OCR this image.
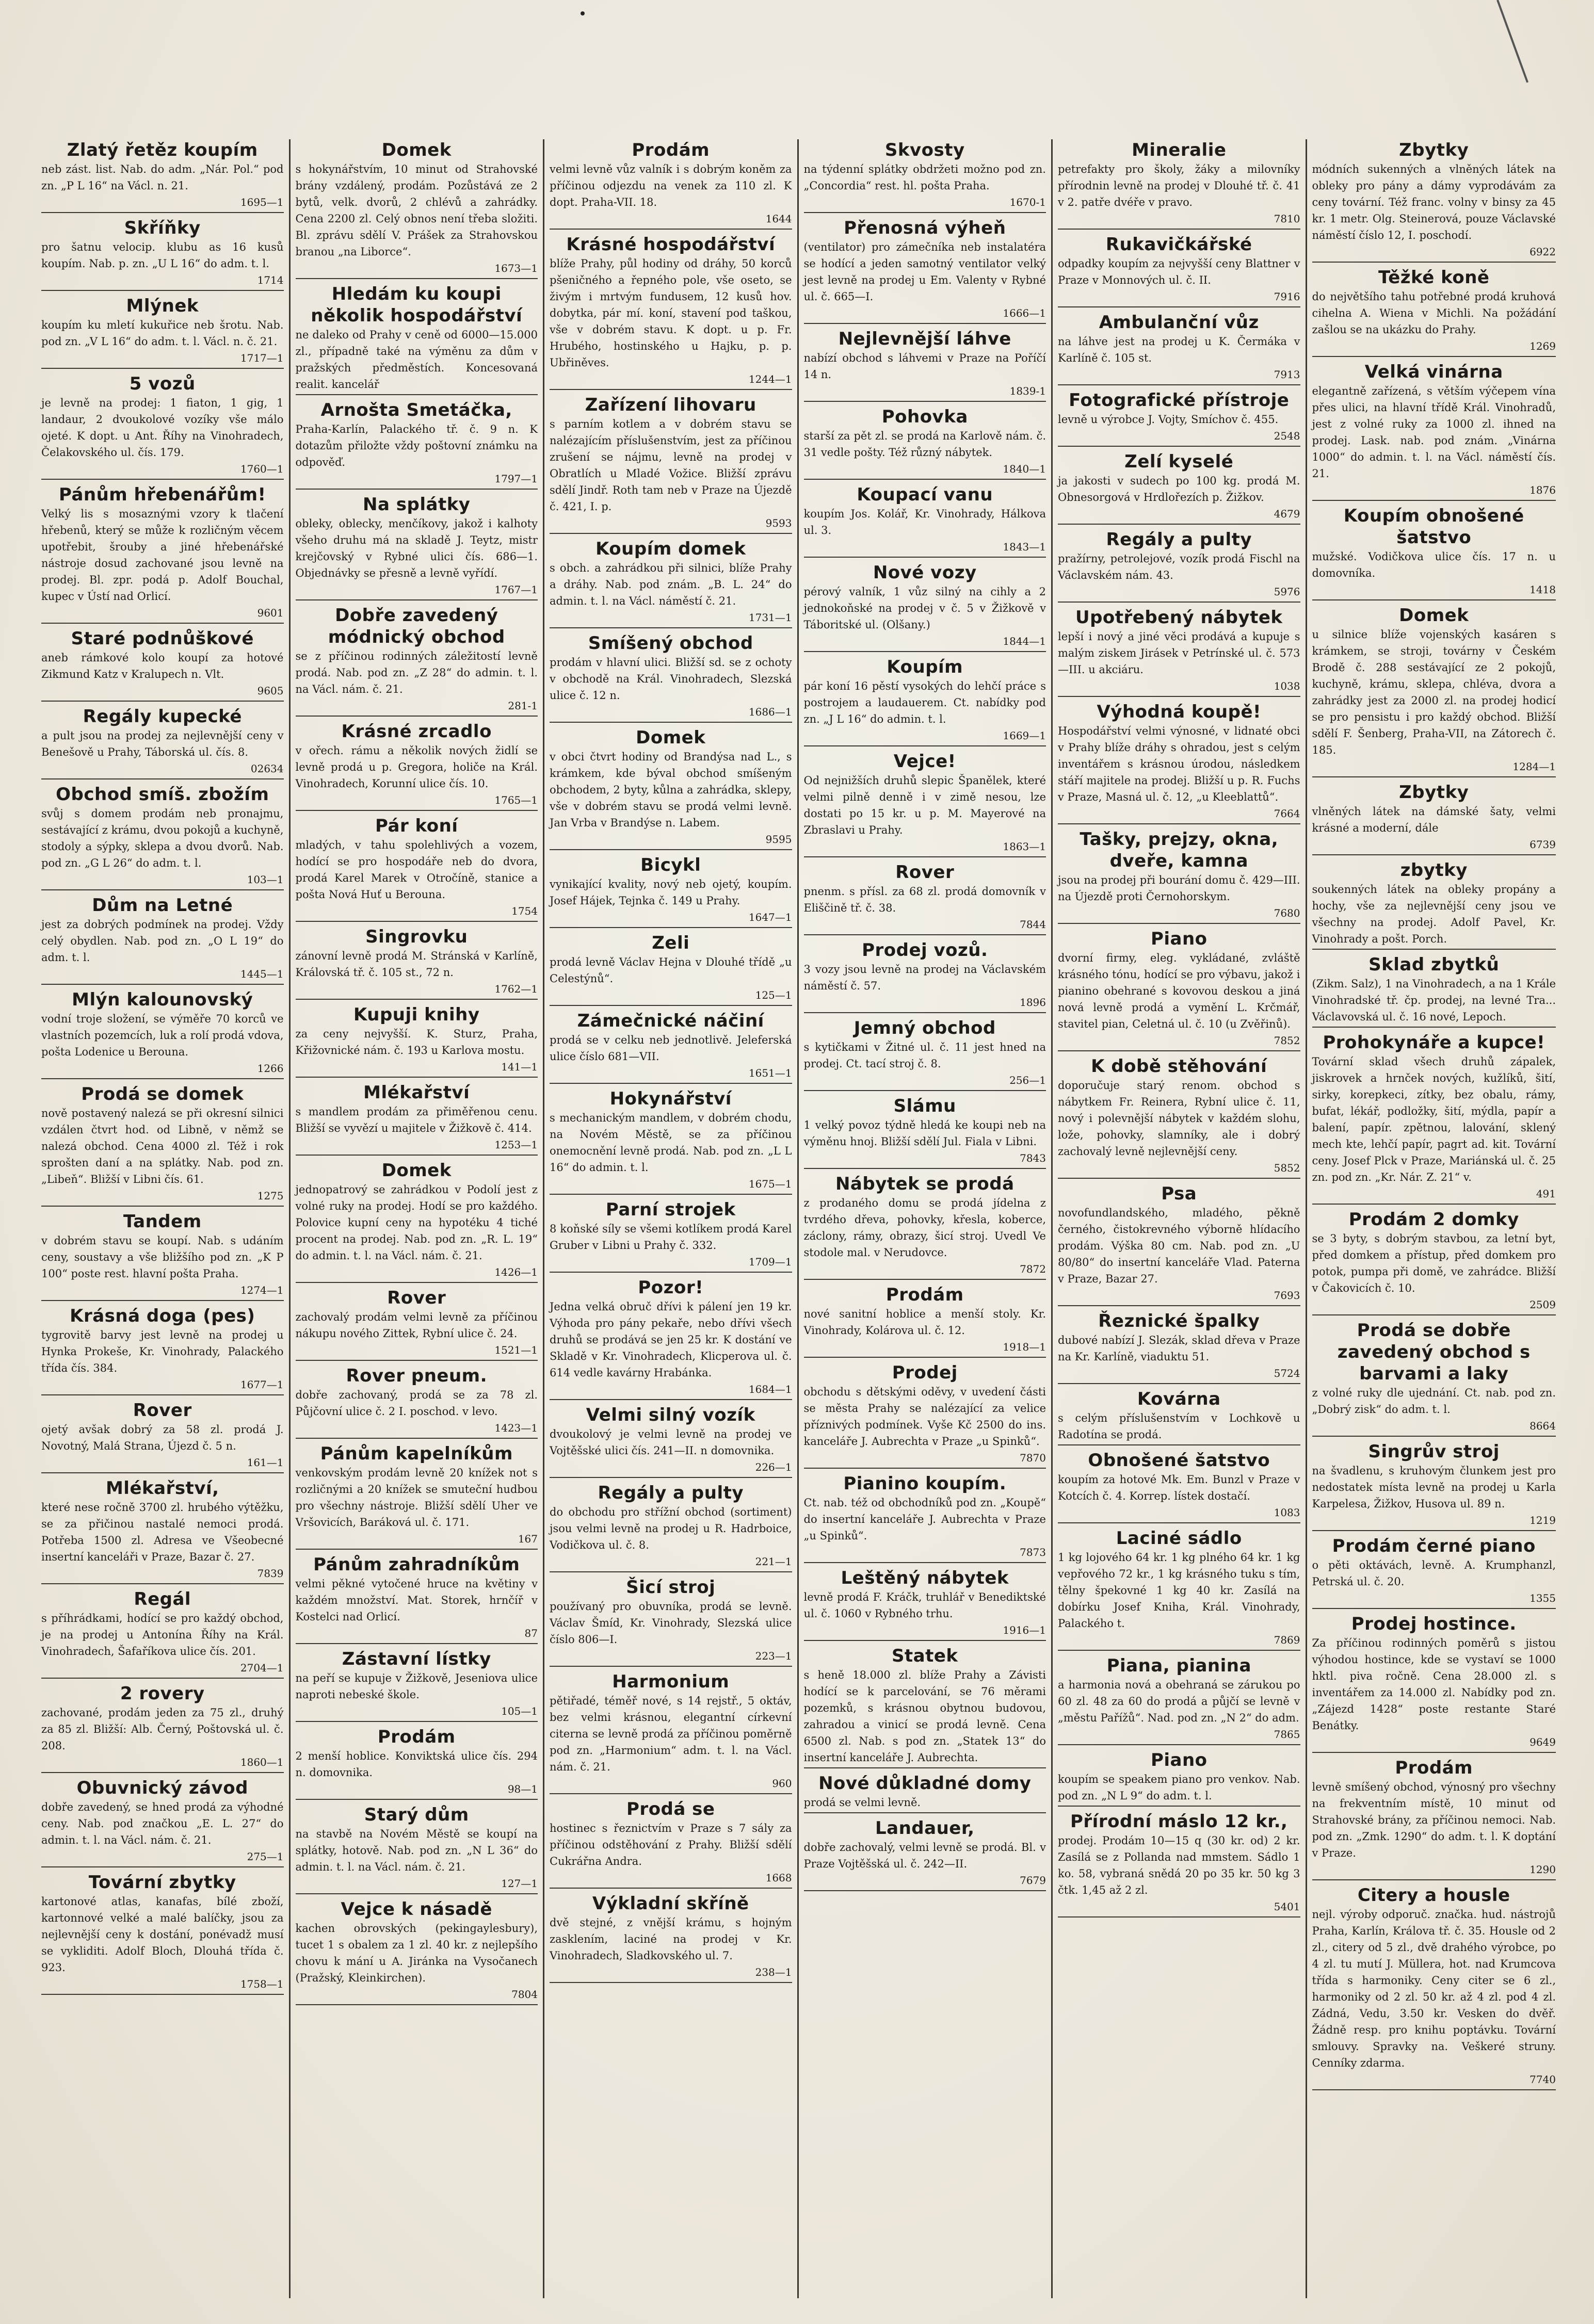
Zlatý řetěz koupím

neb zást. list. Nab. do adm. „Nár. Pol.“ pod zn. „P L 16“ na Václ. n. 21.
1695—1

Skříňky

pro šatnu velocip. klubu as 16 kusů koupím. Nab. p. zn. „U L 16“ do adm. t. l.
1714

Mlýnek

koupím ku mletí kukuřice neb šrotu. Nab. pod zn. „V L 16“ do adm. t. l. Václ. n. č. 21.
1717—1

5 vozů

je levně na prodej: 1 fiaton, 1 gig, 1 landaur, 2 dvoukolové vozíky vše málo ojeté. K dopt. u Ant. Říhy na Vinohradech, Čelakovského ul. čís. 179.
1760—1

Pánům hřebenářům!

Velký lis s mosaznými vzory k tlačení hřebenů, který se může k rozličným věcem upotřebit, šrouby a jiné hřebenářské nástroje dosud zachované jsou levně na prodej. Bl. zpr. podá p. Adolf Bouchal, kupec v Ústí nad Orlicí.
9601

Staré podnůškové

aneb rámkové kolo koupí za hotové Zikmund Katz v Kralupech n. Vlt.
9605

Regály kupecké

a pult jsou na prodej za nejlevnější ceny v Benešově u Prahy, Táborská ul. čís. 8.
02634

Obchod smíš. zbožím

svůj s domem prodám neb pronajmu, sestávající z krámu, dvou pokojů a kuchyně, stodoly a sýpky, sklepa a dvou dvorů. Nab. pod zn. „G L 26“ do adm. t. l.
103—1

Dům na Letné

jest za dobrých podmínek na prodej. Vždy celý obydlen. Nab. pod zn. „O L 19“ do adm. t. l.
1445—1

Mlýn kalounovský

vodní troje složení, se výměře 70 korců ve vlastních pozemcích, luk a rolí prodá vdova, pošta Lodenice u Berouna.
1266

Prodá se domek

nově postavený nalezá se při okresní silnici vzdálen čtvrt hod. od Libně, v němž se nalezá obchod. Cena 4000 zl. Též i rok sprošten daní a na splátky. Nab. pod zn. „Libeň“. Bližší v Libni čís. 61.
1275

Tandem

v dobrém stavu se koupí. Nab. s udáním ceny, soustavy a vše bližšího pod zn. „K P 100“ poste rest. hlavní pošta Praha.
1274—1

Krásná doga (pes)

tygrovitě barvy jest levně na prodej u Hynka Prokeše, Kr. Vinohrady, Palackého třída čís. 384.
1677—1

Rover

ojetý avšak dobrý za 58 zl. prodá J. Novotný, Malá Strana, Újezd č. 5 n.
161—1

Mlékařství,

které nese ročně 3700 zl. hrubého výtěžku, se za přičinou nastalé nemoci prodá. Potřeba 1500 zl. Adresa ve Všeobecné insertní kanceláři v Praze, Bazar č. 27.
7839

Regál

s příhrádkami, hodící se pro každý obchod, je na prodej u Antonína Říhy na Král. Vinohradech, Šafaříkova ulice čís. 201.
2704—1

2 rovery

zachované, prodám jeden za 75 zl., druhý za 85 zl. Bližší: Alb. Černý, Poštovská ul. č. 208.
1860—1

Obuvnický závod

dobře zavedený, se hned prodá za výhodné ceny. Nab. pod značkou „E. L. 27“ do admin. t. l. na Václ. nám. č. 21.
275—1

Tovární zbytky

kartonové atlas, kanafas, bílé zboží, kartonnové velké a malé balíčky, jsou za nejlevnější ceny k dostání, ponévadž musí se vykliditi. Adolf Bloch, Dlouhá třída č. 923.
1758—1

Domek

s hokynářstvím, 10 minut od Strahovské brány vzdálený, prodám. Pozůstává ze 2 bytů, velk. dvorů, 2 chlévů a zahrádky. Cena 2200 zl. Celý obnos není třeba složiti. Bl. zprávu sdělí V. Prášek za Strahovskou branou „na Liborce“.
1673—1

Hledám ku koupi několik hospodářství

ne daleko od Prahy v ceně od 6000—15.000 zl., případně také na výměnu za dům v pražských předměstích. Koncesovaná realit. kancelář

Arnošta Smetáčka,

Praha-Karlín, Palackého tř. č. 9 n. K dotazům přiložte vždy poštovní známku na odpověď.
1797—1

Na splátky

obleky, oblecky, menčíkovy, jakož i kalhoty všeho druhu má na skladě J. Teytz, mistr krejčovský v Rybné ulici čís. 686—1. Objednávky se přesně a levně vyřídí.
1767—1

Dobře zavedený módnický obchod

se z příčinou rodinných záležitostí levně prodá. Nab. pod zn. „Z 28“ do admin. t. l. na Václ. nám. č. 21.
281-1

Krásné zrcadlo

v ořech. rámu a několik nových židlí se levně prodá u p. Gregora, holiče na Král. Vinohradech, Korunní ulice čís. 10.
1765—1

Pár koní

mladých, v tahu spolehlivých a vozem, hodící se pro hospodáře neb do dvora, prodá Karel Marek v Otročíně, stanice a pošta Nová Huť u Berouna.
1754

Singrovku

zánovní levně prodá M. Stránská v Karlíně, Královská tř. č. 105 st., 72 n.
1762—1

Kupuji knihy

za ceny nejvyšší. K. Sturz, Praha, Křižovnické nám. č. 193 u Karlova mostu.
141—1

Mlékařství

s mandlem prodám za přiměřenou cenu. Bližší se vyvězí u majitele v Žižkově č. 414.
1253—1

Domek

jednopatrový se zahrádkou v Podolí jest z volné ruky na prodej. Hodí se pro každého. Polovice kupní ceny na hypotéku 4 tiché procent na prodej. Nab. pod zn. „R. L. 19“ do admin. t. l. na Václ. nám. č. 21.
1426—1

Rover

zachovalý prodám velmi levně za příčinou nákupu nového Zittek, Rybní ulice č. 24.
1521—1

Rover pneum.

dobře zachovaný, prodá se za 78 zl. Půjčovní ulice č. 2 I. poschod. v levo.
1423—1

Pánům kapelníkům

venkovským prodám levně 20 knížek not s rozličnými a 20 knížek se smuteční hudbou pro všechny nástroje. Bližší sdělí Uher ve Vršovicích, Baráková ul. č. 171.
167

Pánům zahradníkům

velmi pěkné vytočené hruce na květiny v každém množství. Mat. Storek, hrnčíř v Kostelci nad Orlicí.
87

Zástavní lístky

na peří se kupuje v Žižkově, Jeseniova ulice naproti nebeské škole.
105—1

Prodám

2 menší hoblice. Konviktská ulice čís. 294 n. domovnika.
98—1

Starý dům

na stavbě na Novém Městě se koupí na splátky, hotově. Nab. pod zn. „N L 36“ do admin. t. l. na Václ. nám. č. 21.
127—1

Vejce k násadě

kachen obrovských (pekingaylesbury), tucet 1 s obalem za 1 zl. 40 kr. z nejlepšího chovu k mání u A. Jiránka na Vysočanech (Pražský, Kleinkirchen).
7804

Prodám

velmi levně vůz valník i s dobrým koněm za příčinou odjezdu na venek za 110 zl. K dopt. Praha-VII. 18.
1644

Krásné hospodářství

blíže Prahy, půl hodiny od dráhy, 50 korců pšeničného a řepného pole, vše oseto, se živým i mrtvým fundusem, 12 kusů hov. dobytka, pár mí. koní, stavení pod taškou, vše v dobrém stavu. K dopt. u p. Fr. Hrubého, hostinského u Hajku, p. p. Ubřiněves.
1244—1

Zařízení lihovaru

s parním kotlem a v dobrém stavu se nalézajícím příslušenstvím, jest za příčinou zrušení se nájmu, levně na prodej v Obratlích u Mladé Vožice. Bližší zprávu sdělí Jindř. Roth tam neb v Praze na Újezdě č. 421, I. p.
9593

Koupím domek

s obch. a zahrádkou při silnici, blíže Prahy a dráhy. Nab. pod znám. „B. L. 24“ do admin. t. l. na Václ. náměstí č. 21.
1731—1

Smíšený obchod

prodám v hlavní ulici. Bližší sd. se z ochoty v obchodě na Král. Vinohradech, Slezská ulice č. 12 n.
1686—1

Domek

v obci čtvrt hodiny od Brandýsa nad L., s krámkem, kde býval obchod smíšeným obchodem, 2 byty, kůlna a zahrádka, sklepy, vše v dobrém stavu se prodá velmi levně. Jan Vrba v Brandýse n. Labem.
9595

Bicykl

vynikající kvality, nový neb ojetý, koupím. Josef Hájek, Tejnka č. 149 u Prahy.
1647—1

Zeli

prodá levně Václav Hejna v Dlouhé třídě „u Celestýnů“.
125—1

Zámečnické náčiní

prodá se v celku neb jednotlivě. Jeleferská ulice číslo 681—VII.
1651—1

Hokynářství

s mechanickým mandlem, v dobrém chodu, na Novém Městě, se za příčinou onemocnění levně prodá. Nab. pod zn. „L L 16“ do admin. t. l.
1675—1

Parní strojek

8 koňské síly se všemi kotlíkem prodá Karel Gruber v Libni u Prahy č. 332.
1709—1

Pozor!

Jedna velká obruč dřívi k pálení jen 19 kr. Výhoda pro pány pekaře, nebo dřívi všech druhů se prodává se jen 25 kr. K dostání ve Skladě v Kr. Vinohradech, Klicperova ul. č. 614 vedle kavárny Hrabánka.
1684—1

Velmi silný vozík

dvoukolový je velmi levně na prodej ve Vojtěšské ulici čís. 241—II. n domovnika.
226—1

Regály a pulty

do obchodu pro střížní obchod (sortiment) jsou velmi levně na prodej u R. Hadrboice, Vodičkova ul. č. 8.
221—1

Šicí stroj

používaný pro obuvníka, prodá se levně. Václav Šmíd, Kr. Vinohrady, Slezská ulice číslo 806—I.
223—1

Harmonium

pětiřadé, téměř nové, s 14 rejstř., 5 oktáv, bez velmi krásnou, elegantní církevní citerna se levně prodá za příčinou poměrně pod zn. „Harmonium“ adm. t. l. na Václ. nám. č. 21.
960

Prodá se

hostinec s řeznictvím v Praze s 7 sály za příčinou odstěhování z Prahy. Bližší sdělí Cukrářna Andra.
1668

Výkladní skříně

dvě stejné, z vnější krámu, s hojným zasklením, laciné na prodej v Kr. Vinohradech, Sladkovského ul. 7.
238—1

Skvosty

na týdenní splátky obdržeti možno pod zn. „Concordia“ rest. hl. pošta Praha.
1670-1

Přenosná výheň

(ventilator) pro zámečníka neb instalatéra se hodící a jeden samotný ventilator velký jest levně na prodej u Em. Valenty v Rybné ul. č. 665—I.
1666—1

Nejlevnější láhve

nabízí obchod s láhvemi v Praze na Poříčí 14 n.
1839-1

Pohovka

starší za pět zl. se prodá na Karlově nám. č. 31 vedle pošty. Též různý nábytek.
1840—1

Koupací vanu

koupím Jos. Kolář, Kr. Vinohrady, Hálkova ul. 3.
1843—1

Nové vozy

pérový valník, 1 vůz silný na cihly a 2 jednokoňské na prodej v č. 5 v Žižkově v Táboritské ul. (Olšany.)
1844—1

Koupím

pár koní 16 pěstí vysokých do lehčí práce s postrojem a laudauerem. Ct. nabídky pod zn. „J L 16“ do admin. t. l.
1669—1

Vejce!

Od nejnižších druhů slepic Španělek, které velmi pilně denně i v zimě nesou, lze dostati po 15 kr. u p. M. Mayerové na Zbraslavi u Prahy.
1863—1

Rover

pnenm. s přísl. za 68 zl. prodá domovník v Eliščině tř. č. 38.
7844

Prodej vozů.

3 vozy jsou levně na prodej na Václavském náměstí č. 57.
1896

Jemný obchod

s kytičkami v Žitné ul. č. 11 jest hned na prodej. Ct. tací stroj č. 8.
256—1

Slámu

1 velký povoz týdně hledá ke koupi neb na výměnu hnoj. Bližší sdělí Jul. Fiala v Libni.
7843

Nábytek se prodá

z prodaného domu se prodá jídelna z tvrdého dřeva, pohovky, křesla, koberce, záclony, rámy, obrazy, šicí stroj. Uvedl Ve stodole mal. v Nerudovce.
7872

Prodám

nové sanitní hoblice a menší stoly. Kr. Vinohrady, Kolárova ul. č. 12.
1918—1

Prodej

obchodu s dětskými oděvy, v uvedení části se města Prahy se nalézající za velice příznivých podmínek. Vyše Kč 2500 do ins. kanceláře J. Aubrechta v Praze „u Spinků“.
7870

Pianino koupím.

Ct. nab. též od obchodníků pod zn. „Koupě“ do insertní kanceláře J. Aubrechta v Praze „u Spinků“.
7873

Leštěný nábytek

levně prodá F. Kráčk, truhlář v Benediktské ul. č. 1060 v Rybného trhu.
1916—1

Statek

s heně 18.000 zl. blíže Prahy a Závisti hodící se k parcelování, se 76 měrami pozemků, s krásnou obytnou budovou, zahradou a vinicí se prodá levně. Cena 6500 zl. Nab. s pod zn. „Statek 13“ do insertní kanceláře J. Aubrechta.

Nové důkladné domy

prodá se velmi levně.

Landauer,

dobře zachovalý, velmi levně se prodá. Bl. v Praze Vojtěšská ul. č. 242—II.
7679

Mineralie

petrefakty pro školy, žáky a milovníky přírodnin levně na prodej v Dlouhé tř. č. 41 v 2. patře dvéře v pravo.
7810

Rukavičkářské

odpadky koupím za nejvyšší ceny Blattner v Praze v Monnových ul. č. II.
7916

Ambulanční vůz

na láhve jest na prodej u K. Čermáka v Karlíně č. 105 st.
7913

Fotografické přístroje

levně u výrobce J. Vojty, Smíchov č. 455.
2548

Zelí kyselé

ja jakosti v sudech po 100 kg. prodá M. Obnesorgová v Hrdlořezích p. Žižkov.
4679

Regály a pulty

pražírny, petrolejové, vozík prodá Fischl na Václavském nám. 43.
5976

Upotřebený nábytek

lepší i nový a jiné věci prodává a kupuje s malým ziskem Jirásek v Petrínské ul. č. 573—III. u akciáru.
1038

Výhodná koupě!

Hospodářství velmi výnosné, v lidnaté obci v Prahy blíže dráhy s ohradou, jest s celým inventářem s krásnou úrodou, následkem stáří majitele na prodej. Bližší u p. R. Fuchs v Praze, Masná ul. č. 12, „u Kleeblattů“.
7664

Tašky, prejzy, okna, dveře, kamna

jsou na prodej při bourání domu č. 429—III. na Újezdě proti Černohorskym.
7680

Piano

dvorní firmy, eleg. vykládané, zvláště krásného tónu, hodící se pro výbavu, jakož i pianino obehrané s kovovou deskou a jiná nová levně prodá a vymění L. Krčmář, stavitel pian, Celetná ul. č. 10 (u Zvěřinů).
7852

K době stěhování

doporučuje starý renom. obchod s nábytkem Fr. Reinera, Rybní ulice č. 11, nový i polevnější nábytek v každém slohu, lože, pohovky, slamníky, ale i dobrý zachovalý levně nejlevnější ceny.
5852

Psa

novofundlandského, mladého, pěkně černého, čistokrevného výborně hlídacího prodám. Výška 80 cm. Nab. pod zn. „U 80/80“ do insertní kanceláře Vlad. Paterna v Praze, Bazar 27.
7693

Řeznické špalky

dubové nabízí J. Slezák, sklad dřeva v Praze na Kr. Karlíně, viaduktu 51.
5724

Kovárna

s celým příslušenstvím v Lochkově u Radotína se prodá.

Obnošené šatstvo

koupím za hotové Mk. Em. Bunzl v Praze v Kotcích č. 4. Korrep. lístek dostačí.
1083

Laciné sádlo

1 kg lojového 64 kr. 1 kg plného 64 kr. 1 kg vepřového 72 kr., 1 kg krásného tuku s tím, tělny špekovné 1 kg 40 kr. Zasílá na dobírku Josef Kniha, Král. Vinohrady, Palackého t.
7869

Piana, pianina

a harmonia nová a obehraná se zárukou po 60 zl. 48 za 60 do prodá a půjčí se levně v „městu Pařížů“. Nad. pod zn. „N 2“ do adm.
7865

Piano

koupím se speakem piano pro venkov. Nab. pod zn. „N L 9“ do adm. t. l.

Přírodní máslo 12 kr.,

prodej. Prodám 10—15 q (30 kr. od) 2 kr. Zasílá se z Pollanda nad mmstem. Sádlo 1 ko. 58, vybraná snědá 20 po 35 kr. 50 kg 3 čtk. 1,45 až 2 zl.
5401

Zbytky

módních sukenných a vlněných látek na obleky pro pány a dámy vyprodávám za ceny tovární. Též franc. volny v binsy za 45 kr. 1 metr. Olg. Steinerová, pouze Václavské náměstí číslo 12, I. poschodí.
6922

Těžké koně

do největšího tahu potřebné prodá kruhová cihelna A. Wiena v Michli. Na požádání zašlou se na ukázku do Prahy.
1269

Velká vinárna

elegantně zařízená, s větším výčepem vína přes ulici, na hlavní třídě Král. Vinohradů, jest z volné ruky za 1000 zl. ihned na prodej. Lask. nab. pod znám. „Vinárna 1000“ do admin. t. l. na Václ. náměstí čís. 21.
1876

Koupím obnošené šatstvo

mužské. Vodičkova ulice čís. 17 n. u domovníka.
1418

Domek

u silnice blíže vojenských kasáren s krámkem, se stroji, továrny v Českém Brodě č. 288 sestávající ze 2 pokojů, kuchyně, krámu, sklepa, chléva, dvora a zahrádky jest za 2000 zl. na prodej hodicí se pro pensistu i pro každý obchod. Bližší sdělí F. Šenberg, Praha-VII, na Zátorech č. 185.
1284—1

Zbytky

vlněných látek na dámské šaty, velmi krásné a moderní, dále
6739

zbytky

soukenných látek na obleky propány a hochy, vše za nejlevnější ceny jsou ve všechny na prodej. Adolf Pavel, Kr. Vinohrady a pošt. Porch.

Sklad zbytků

(Zikm. Salz), 1 na Vinohradech, a na 1 Krále Vinohradské tř. čp. prodej, na levné Tra... Václavovská ul. č. 16 nové, Lepoch.

Prohokynáře a kupce!

Tovární sklad všech druhů zápalek, jiskrovek a hrnček nových, kužlíků, šití, sirky, korepkeci, zítky, bez obalu, rámy, bufat, lékář, podložky, šití, mýdla, papír a balení, papír. zpětnou, lalování, sklený mech kte, lehčí papír, pagrt ad. kit. Tovární ceny. Josef Plck v Praze, Mariánská ul. č. 25 zn. pod zn. „Kr. Nár. Z. 21“ v.
491

Prodám 2 domky

se 3 byty, s dobrým stavbou, za letní byt, před domkem a přístup, před domkem pro potok, pumpa při domě, ve zahrádce. Bližší v Čakovicích č. 10.
2509

Prodá se dobře zavedený obchod s barvami a laky

z volné ruky dle ujednání. Ct. nab. pod zn. „Dobrý zisk“ do adm. t. l.
8664

Singrův stroj

na švadlenu, s kruhovým člunkem jest pro nedostatek místa levně na prodej u Karla Karpelesa, Žižkov, Husova ul. 89 n.
1219

Prodám černé piano

o pěti oktávách, levně. A. Krumphanzl, Petrská ul. č. 20.
1355

Prodej hostince.

Za příčinou rodinných poměrů s jistou výhodou hostince, kde se vystaví se 1000 hktl. piva ročně. Cena 28.000 zl. s inventářem za 14.000 zl. Nabídky pod zn. „Zájezd 1428“ poste restante Staré Benátky.
9649

Prodám

levně smíšený obchod, výnosný pro všechny na frekventním místě, 10 minut od Strahovské brány, za příčinou nemoci. Nab. pod zn. „Zmk. 1290“ do adm. t. l. K doptání v Praze.
1290

Citery a housle

nejl. výroby odporuč. značka. hud. nástrojů Praha, Karlín, Králova tř. č. 35. Housle od 2 zl., citery od 5 zl., dvě drahého výrobce, po 4 zl. tu mutí J. Müllera, hot. nad Krumcova třída s harmoniky. Ceny citer se 6 zl., harmoniky od 2 zl. 50 kr. až 4 zl. pod 4 zl. Zádná, Vedu, 3.50 kr. Vesken do dvěř. Žádně resp. pro knihu poptávku. Tovární smlouvy. Spravky na. Veškeré struny. Cenníky zdarma.
7740
